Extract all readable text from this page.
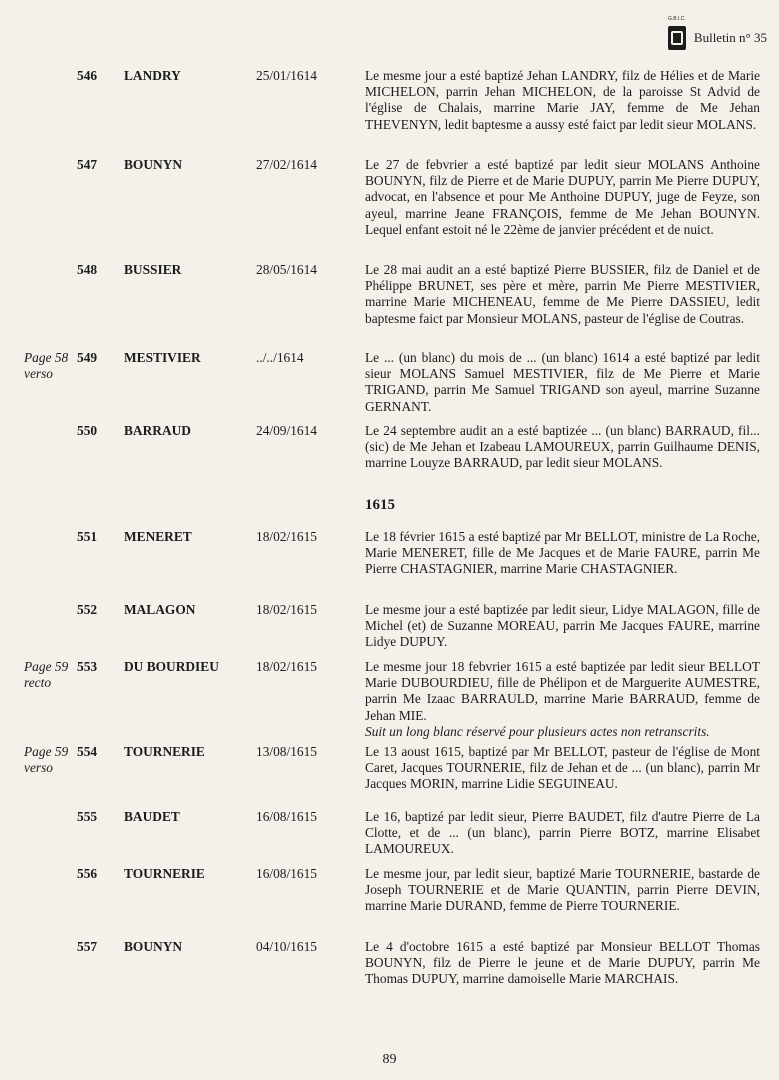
G.B.I.C.
Bulletin n° 35
546 LANDRY	25/01/1614	Le mesme jour a esté baptizé Jehan LANDRY, filz de Hélies et de Marie MICHELON, parrin Jehan MICHELON, de la paroisse St Advid de l'église de Chalais, marrine Marie JAY, femme de Me Jehan THEVENYN, ledit baptesme a aussy esté faict par ledit sieur MOLANS.
547 BOUNYN	27/02/1614	Le 27 de febvrier a esté baptizé par ledit sieur MOLANS Anthoine BOUNYN, filz de Pierre et de Marie DUPUY, parrin Me Pierre DUPUY, advocat, en l'absence et pour Me Anthoine DUPUY, juge de Feyze, son ayeul, marrine Jeane FRANÇOIS, femme de Me Jehan BOUNYN. Lequel enfant estoit né le 22ème de janvier précédent et de nuict.
548 BUSSIER	28/05/1614	Le 28 mai audit an a esté baptizé Pierre BUSSIER, filz de Daniel et de Phélippe BRUNET, ses père et mère, parrin Me Pierre MESTIVIER, marrine Marie MICHENEAU, femme de Me Pierre DASSIEU, ledit baptesme faict par Monsieur MOLANS, pasteur de l'église de Coutras.
Page 58 verso
549 MESTIVIER	../../1614	Le ... (un blanc) du mois de ... (un blanc) 1614 a esté baptizé par ledit sieur MOLANS Samuel MESTIVIER, filz de Me Pierre et Marie TRIGAND, parrin Me Samuel TRIGAND son ayeul, marrine Suzanne GERNANT.
550 BARRAUD	24/09/1614	Le 24 septembre audit an a esté baptizée ... (un blanc) BARRAUD, fil... (sic) de Me Jehan et Izabeau LAMOUREUX, parrin Guilhaume DENIS, marrine Louyze BARRAUD, par ledit sieur MOLANS.
551 MENERET	18/02/1615	Le 18 février 1615 a esté baptizé par Mr BELLOT, ministre de La Roche, Marie MENERET, fille de Me Jacques et de Marie FAURE, parrin Me Pierre CHASTAGNIER, marrine Marie CHASTAGNIER.
552 MALAGON	18/02/1615	Le mesme jour a esté baptizée par ledit sieur, Lidye MALAGON, fille de Michel (et) de Suzanne MOREAU, parrin Me Jacques FAURE, marrine Lidye DUPUY.
Page 59 recto
553 DU BOURDIEU	18/02/1615	Le mesme jour 18 febvrier 1615 a esté baptizée par ledit sieur BELLOT Marie DUBOURDIEU, fille de Phélipon et de Marguerite AUMESTRE, parrin Me Izaac BARRAULD, marrine Marie BARRAUD, femme de Jehan MIE.
Suit un long blanc réservé pour plusieurs actes non retranscrits.
Page 59 verso
554 TOURNERIE	13/08/1615	Le 13 aoust 1615, baptizé par Mr BELLOT, pasteur de l'église de Mont Caret, Jacques TOURNERIE, filz de Jehan et de ... (un blanc), parrin Mr Jacques MORIN, marrine Lidie SEGUINEAU.
555 BAUDET	16/08/1615	Le 16, baptizé par ledit sieur, Pierre BAUDET, filz d'autre Pierre de La Clotte, et de ... (un blanc), parrin Pierre BOTZ, marrine Elisabet LAMOUREUX.
556 TOURNERIE	16/08/1615	Le mesme jour, par ledit sieur, baptizé Marie TOURNERIE, bastarde de Joseph TOURNERIE et de Marie QUANTIN, parrin Pierre DEVIN, marrine Marie DURAND, femme de Pierre TOURNERIE.
557 BOUNYN	04/10/1615	Le 4 d'octobre 1615 a esté baptizé par Monsieur BELLOT Thomas BOUNYN, filz de Pierre le jeune et de Marie DUPUY, parrin Me Thomas DUPUY, marrine damoiselle Marie MARCHAIS.
1615
89
